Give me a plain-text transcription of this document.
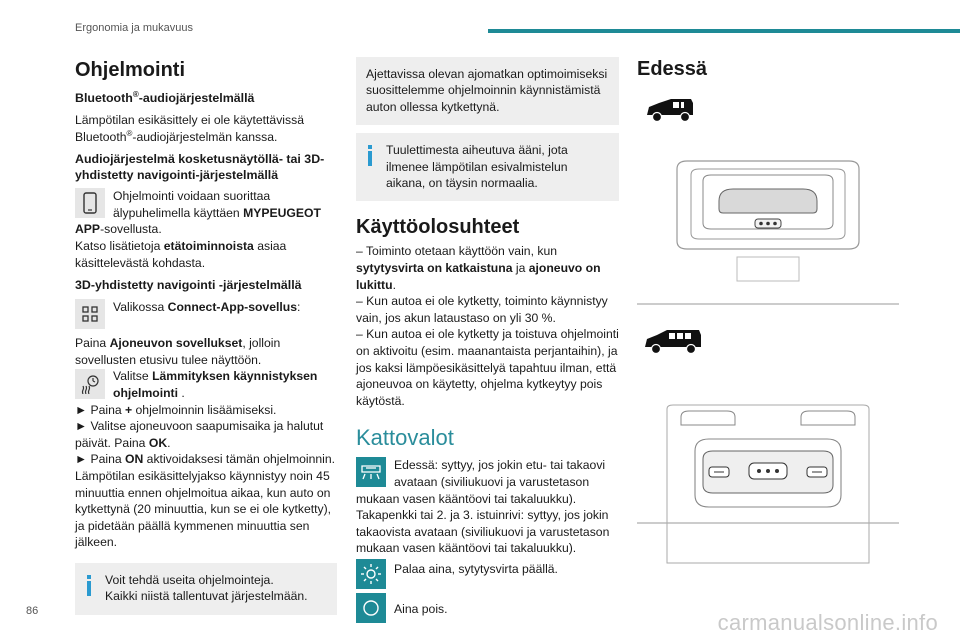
Ergonomia ja mukavuus
Ohjelmointi
Bluetooth®-audiojärjestelmällä

Lämpötilan esikäsittely ei ole käytettävissä
Bluetooth®-audiojärjestelmän kanssa.

Audiojärjestelmä kosketusnäytöllä- tai 3D-yhdistetty navigointi-järjestelmällä

Ohjelmointi voidaan suorittaa älypuhelimella käyttäen MYPEUGEOT APP-sovellusta.
Katso lisätietoja etätoiminnoista asiaa käsittelevästä kohdasta.

3D-yhdistetty navigointi -järjestelmällä

Valikossa Connect-App-sovellus:

Paina Ajoneuvon sovellukset, jolloin sovellusten etusivu tulee näyttöön.

Valitse Lämmityksen käynnistyksen ohjelmointi .

► Paina + ohjelmoinnin lisäämiseksi.

► Valitse ajoneuvoon saapumisaika ja halutut päivät. Paina OK.

► Paina ON aktivoidaksesi tämän ohjelmoinnin.

Lämpötilan esikäsittelyjakso käynnistyy noin 45 minuuttia ennen ohjelmoitua aikaa, kun auto on kytkettynä (20 minuuttia, kun se ei ole kytketty), ja pidetään päällä kymmenen minuuttia sen jälkeen.

Voit tehdä useita ohjelmointeja.
Kaikki niistä tallentuvat järjestelmään.
Ajettavissa olevan ajomatkan optimoimiseksi suosittelemme ohjelmoinnin käynnistämistä auton ollessa kytkettynä.
Tuulettimesta aiheutuva ääni, jota ilmenee lämpötilan esivalmistelun aikana, on täysin normaalia.
Käyttöolosuhteet

– Toiminto otetaan käyttöön vain, kun sytytysvirta on katkaistuna ja ajoneuvo on lukittu.

– Kun autoa ei ole kytketty, toiminto käynnistyy vain, jos akun lataustaso on yli 30 %.

– Kun autoa ei ole kytketty ja toistuva ohjelmointi on aktivoitu (esim. maanantaista perjantaihin), ja jos kaksi lämpöesikäsittelyä tapahtuu ilman, että ajoneuvoa on käytetty, ohjelma kytkeytyy pois käytöstä.

Kattovalot

Edessä: syttyy, jos jokin etu- tai takaovi avataan (siviliukuovi ja varustetason mukaan vasen kääntöovi tai takaluukku).

Takapenkki tai 2. ja 3. istuinrivi: syttyy, jos jokin takaovista avataan (siviliukuovi ja varustetason mukaan vasen kääntöovi tai takaluukku).

Palaa aina, sytytysvirta päällä.

Aina pois.

Edessä
86	carmanualsonline.info
